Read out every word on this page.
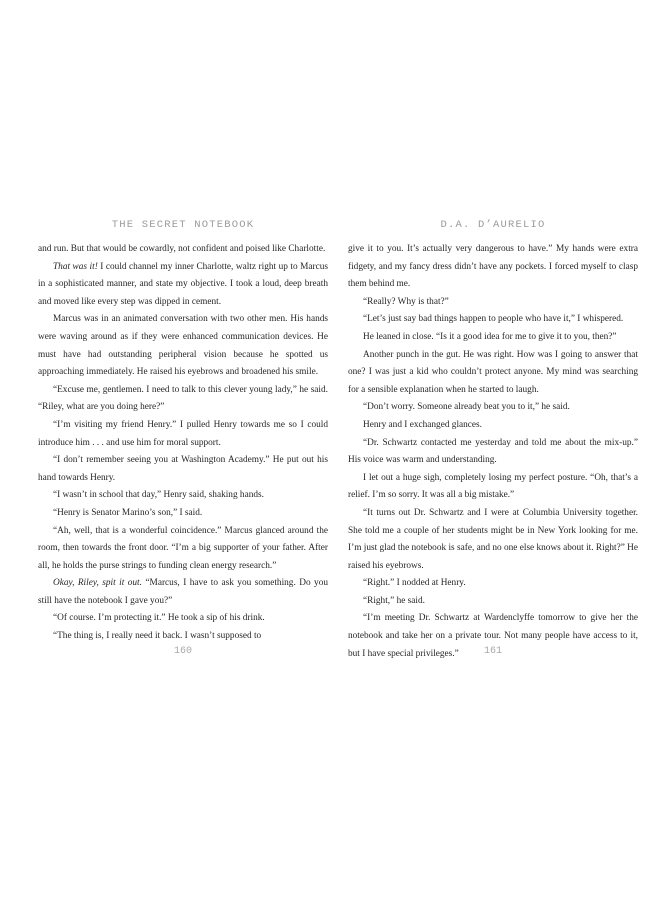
THE SECRET NOTEBOOK

and run. But that would be cowardly, not confident and poised like Charlotte.

That was it! I could channel my inner Charlotte, waltz right up to Marcus in a sophisticated manner, and state my objective. I took a loud, deep breath and moved like every step was dipped in cement.

Marcus was in an animated conversation with two other men. His hands were waving around as if they were enhanced communication devices. He must have had outstanding peripheral vision because he spotted us approaching immediately. He raised his eyebrows and broadened his smile.

“Excuse me, gentlemen. I need to talk to this clever young lady,” he said. “Riley, what are you doing here?”

“I’m visiting my friend Henry.” I pulled Henry towards me so I could introduce him . . . and use him for moral support.

“I don’t remember seeing you at Washington Academy.” He put out his hand towards Henry.

“I wasn’t in school that day,” Henry said, shaking hands.

“Henry is Senator Marino’s son,” I said.

“Ah, well, that is a wonderful coincidence.” Marcus glanced around the room, then towards the front door. “I’m a big supporter of your father. After all, he holds the purse strings to funding clean energy research.”

Okay, Riley, spit it out. “Marcus, I have to ask you something. Do you still have the notebook I gave you?”

“Of course. I’m protecting it.” He took a sip of his drink.

“The thing is, I really need it back. I wasn’t supposed to

160
D.A. D’AURELIO

give it to you. It’s actually very dangerous to have.” My hands were extra fidgety, and my fancy dress didn’t have any pockets. I forced myself to clasp them behind me.

“Really? Why is that?”

“Let’s just say bad things happen to people who have it,” I whispered.

He leaned in close. “Is it a good idea for me to give it to you, then?”

Another punch in the gut. He was right. How was I going to answer that one? I was just a kid who couldn’t protect anyone. My mind was searching for a sensible explanation when he started to laugh.

“Don’t worry. Someone already beat you to it,” he said.

Henry and I exchanged glances.

“Dr. Schwartz contacted me yesterday and told me about the mix-up.” His voice was warm and understanding.

I let out a huge sigh, completely losing my perfect posture. “Oh, that’s a relief. I’m so sorry. It was all a big mistake.”

“It turns out Dr. Schwartz and I were at Columbia University together. She told me a couple of her students might be in New York looking for me. I’m just glad the notebook is safe, and no one else knows about it. Right?” He raised his eyebrows.

“Right.” I nodded at Henry.

“Right,” he said.

“I’m meeting Dr. Schwartz at Wardenclyffe tomorrow to give her the notebook and take her on a private tour. Not many people have access to it, but I have special privileges.”	161
